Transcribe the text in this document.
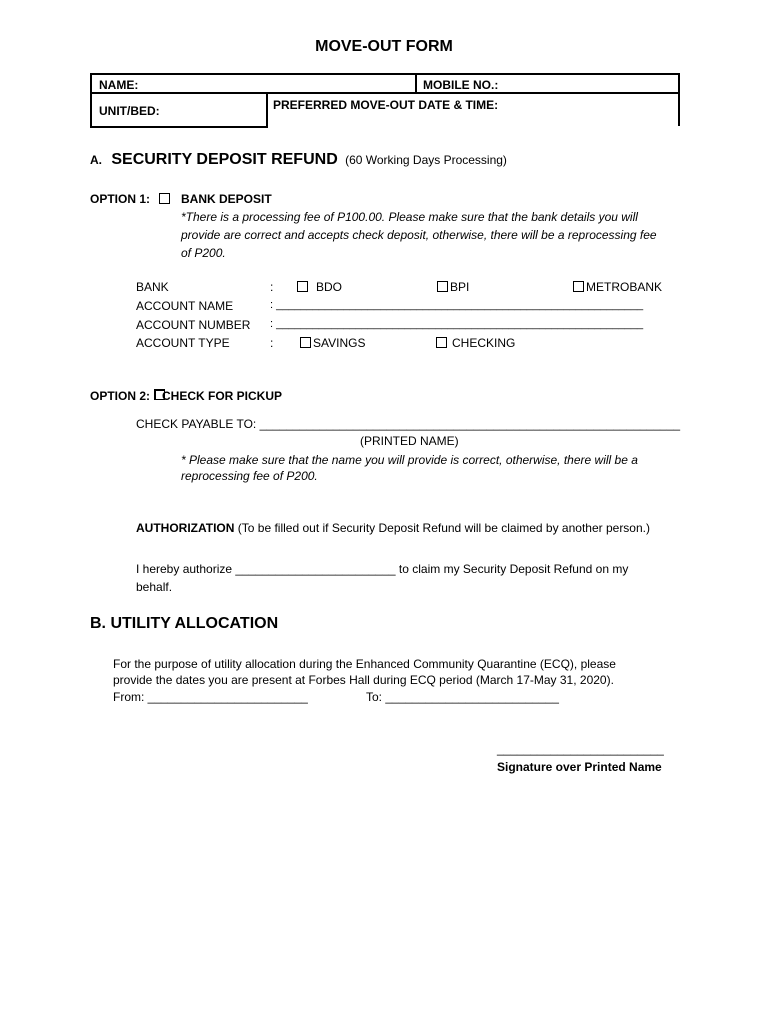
MOVE-OUT FORM
NAME:	MOBILE NO.:
UNIT/BED:	PREFERRED MOVE-OUT DATE & TIME:
A. SECURITY DEPOSIT REFUND (60 Working Days Processing)
OPTION 1:	BANK DEPOSIT
*There is a processing fee of P100.00. Please make sure that the bank details you will
provide are correct and accepts check deposit, otherwise, there will be a reprocessing fee
of P200.
BANK	:	BDO	BPI	METROBANK
ACCOUNT NAME	: ____________________________________________________________
ACCOUNT NUMBER : ____________________________________________________________
ACCOUNT TYPE	:	SAVINGS	CHECKING
OPTION 2: CHECK FOR PICKUP
CHECK PAYABLE TO: _______________________________________________________________
(PRINTED NAME)
* Please make sure that the name you will provide is correct, otherwise, there will be a
reprocessing fee of P200.
AUTHORIZATION (To be filled out if Security Deposit Refund will be claimed by another person.)
I hereby authorize ________________________ to claim my Security Deposit Refund on my
behalf.
B. UTILITY ALLOCATION
For the purpose of utility allocation during the Enhanced Community Quarantine (ECQ), please
provide the dates you are present at Forbes Hall during ECQ period (March 17-May 31, 2020).
From: ________________________	To: __________________________
_________________________
Signature over Printed Name
